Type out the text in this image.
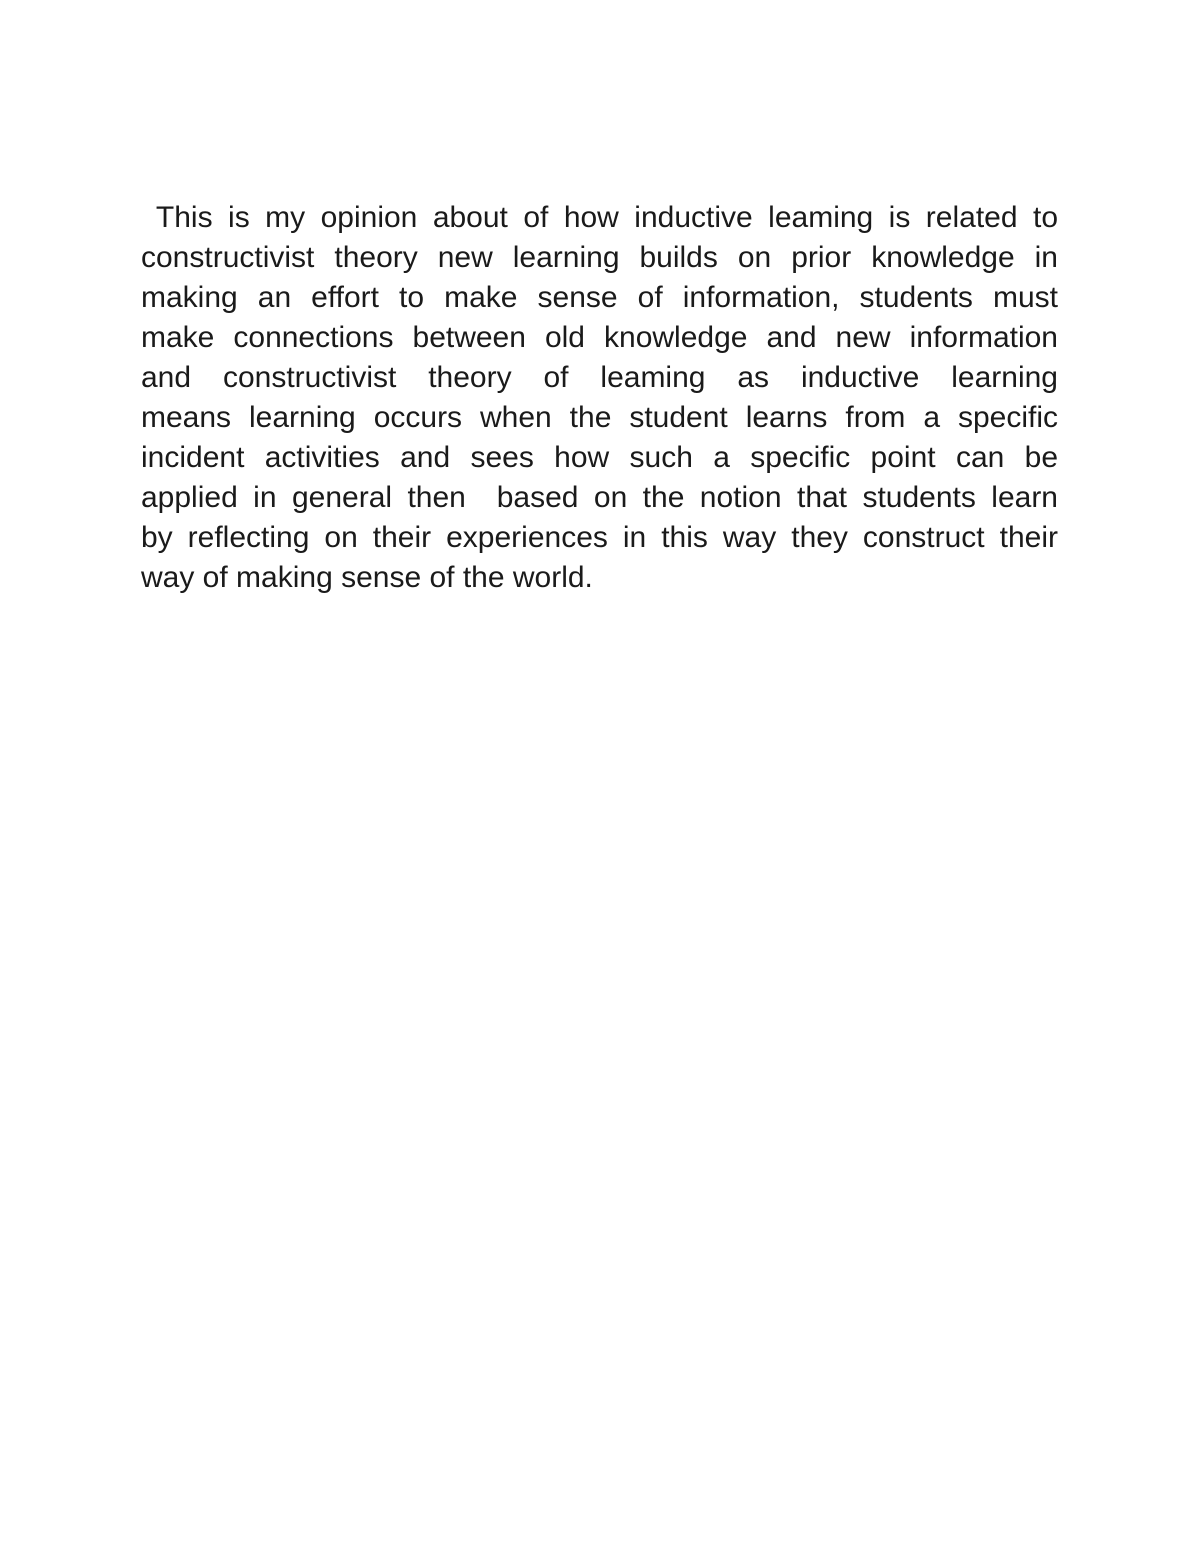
This is my opinion about of how inductive leaming is related to
constructivist theory new learning builds on prior knowledge in
making an effort to make sense of information, students must
make connections between old knowledge and new information
and constructivist theory of leaming as inductive learning
means learning occurs when the student learns from a specific
incident activities and sees how such a specific point can be
applied in general then  based on the notion that students learn
by reflecting on their experiences in this way they construct their
way of making sense of the world.
